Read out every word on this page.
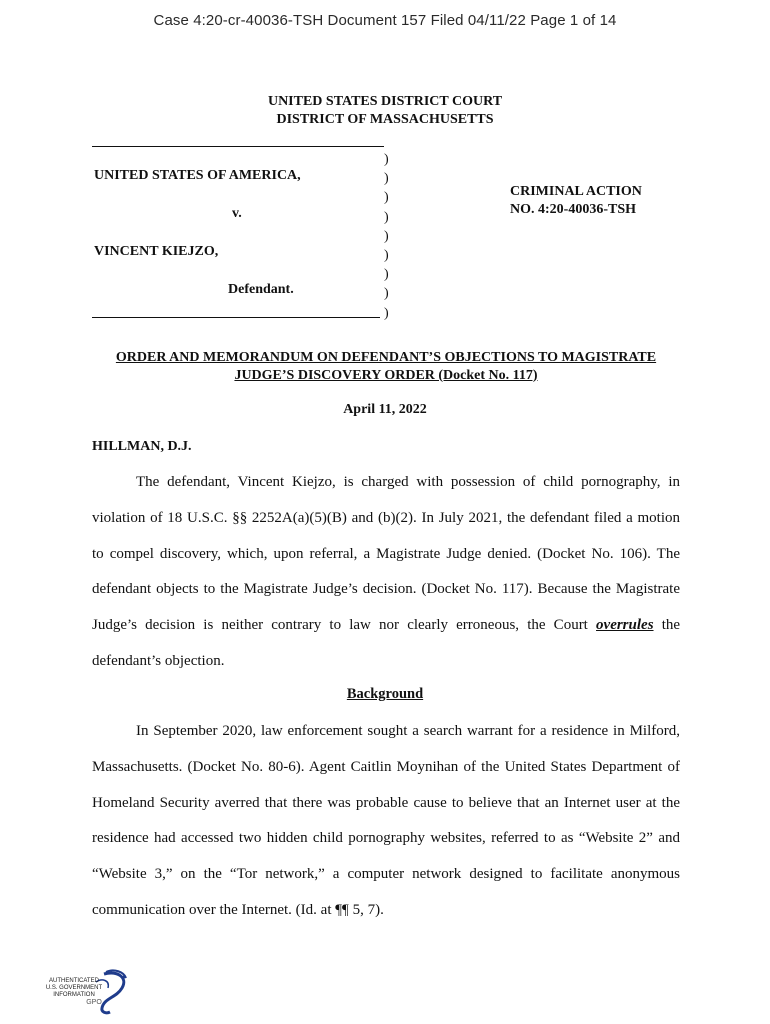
Case 4:20-cr-40036-TSH Document 157 Filed 04/11/22 Page 1 of 14
UNITED STATES DISTRICT COURT
DISTRICT OF MASSACHUSETTS
)
)
)
)
)
)
)
)
)
UNITED STATES OF AMERICA,
v.
VINCENT KIEJZO,
Defendant.
CRIMINAL ACTION
NO. 4:20-40036-TSH
ORDER AND MEMORANDUM ON DEFENDANT’S OBJECTIONS TO MAGISTRATE
JUDGE’S DISCOVERY ORDER (Docket No. 117)
April 11, 2022
HILLMAN, D.J.
The defendant, Vincent Kiejzo, is charged with possession of child pornography, in violation of 18 U.S.C. §§ 2252A(a)(5)(B) and (b)(2). In July 2021, the defendant filed a motion to compel discovery, which, upon referral, a Magistrate Judge denied. (Docket No. 106). The defendant objects to the Magistrate Judge’s decision. (Docket No. 117). Because the Magistrate Judge’s decision is neither contrary to law nor clearly erroneous, the Court overrules the defendant’s objection.
Background
In September 2020, law enforcement sought a search warrant for a residence in Milford, Massachusetts. (Docket No. 80-6). Agent Caitlin Moynihan of the United States Department of Homeland Security averred that there was probable cause to believe that an Internet user at the residence had accessed two hidden child pornography websites, referred to as “Website 2” and “Website 3,” on the “Tor network,” a computer network designed to facilitate anonymous communication over the Internet. (Id. at ¶¶ 5, 7).
AUTHENTICATED
U.S. GOVERNMENT
INFORMATION
GPO
